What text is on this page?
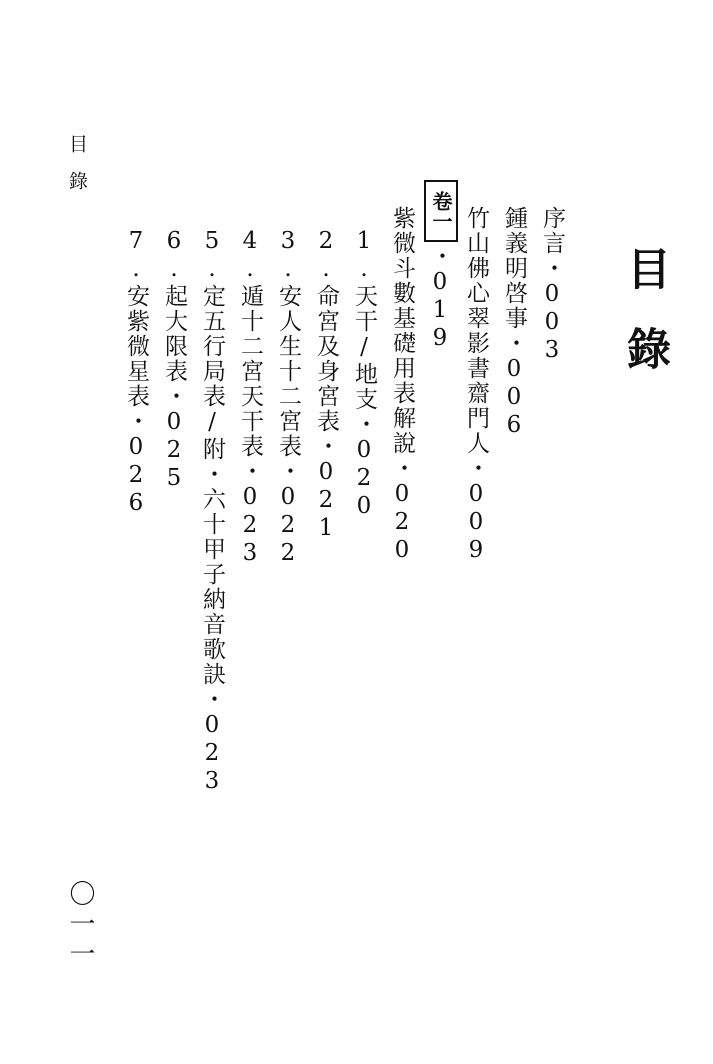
目錄
目錄
序言・003
鍾義明啓事・006
竹山佛心翠影書齋門人・009
卷一
・019
紫微斗數基礎用表解說・020
1.天干/地支・020
2.命宮及身宮表・021
3.安人生十二宮表・022
4.遁十二宮天干表・023
5.定五行局表/附・六十甲子納音歌訣・023
6.起大限表・025
7.安紫微星表・026
〇一一
